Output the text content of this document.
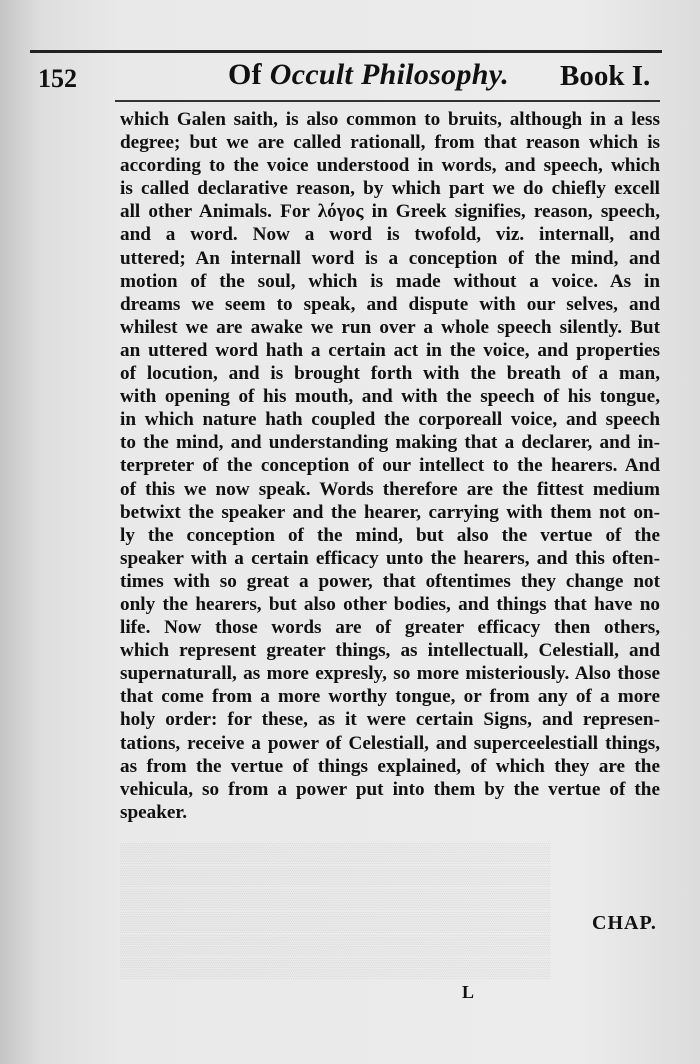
152	Of Occult Philosophy. Book I.
which Galen saith, is also common to bruits, although in a less
degree; but we are called rationall, from that reason which is
according to the voice understood in words, and speech, which
is called declarative reason, by which part we do chiefly excell
all other Animals. For λόγος in Greek signifies, reason, speech,
and a word. Now a word is twofold, viz. internall, and
uttered; An internall word is a conception of the mind, and
motion of the soul, which is made without a voice. As in
dreams we seem to speak, and dispute with our selves, and
whilest we are awake we run over a whole speech silently. But
an uttered word hath a certain act in the voice, and properties
of locution, and is brought forth with the breath of a man,
with opening of his mouth, and with the speech of his tongue,
in which nature hath coupled the corporeall voice, and speech
to the mind, and understanding making that a declarer, and in-
terpreter of the conception of our intellect to the hearers. And
of this we now speak. Words therefore are the fittest medium
betwixt the speaker and the hearer, carrying with them not on-
ly the conception of the mind, but also the vertue of the
speaker with a certain efficacy unto the hearers, and this often-
times with so great a power, that oftentimes they change not
only the hearers, but also other bodies, and things that have no
life. Now those words are of greater efficacy then others,
which represent greater things, as intellectuall, Celestiall, and
supernaturall, as more expresly, so more misteriously. Also those
that come from a more worthy tongue, or from any of a more
holy order: for these, as it were certain Signs, and represen-
tations, receive a power of Celestiall, and superceelestiall things,
as from the vertue of things explained, of which they are the
vehicula, so from a power put into them by the vertue of the
speaker.
▒▒▒▒▒▒▒▒▒▒▒▒▒▒▒▒▒▒▒▒▒▒▒▒▒▒▒▒▒▒▒▒
▒▒▒▒▒▒▒▒▒▒▒▒▒▒▒▒▒▒▒▒▒▒▒▒▒▒▒▒▒▒▒▒
▒▒▒▒▒▒▒▒▒▒▒▒▒▒▒▒▒▒▒▒▒▒▒▒▒▒▒▒▒▒▒▒
▒▒▒▒▒▒▒▒▒▒▒▒▒▒▒▒▒▒▒▒▒▒▒▒▒▒▒▒▒▒▒▒
▒▒▒▒▒▒▒▒▒▒▒▒▒▒▒▒▒▒▒▒▒▒▒▒▒▒▒▒▒▒▒▒
▒▒▒▒▒▒▒▒▒▒▒▒▒▒▒▒▒▒▒▒▒▒▒▒▒▒▒▒▒▒▒▒
CHAP.
L
